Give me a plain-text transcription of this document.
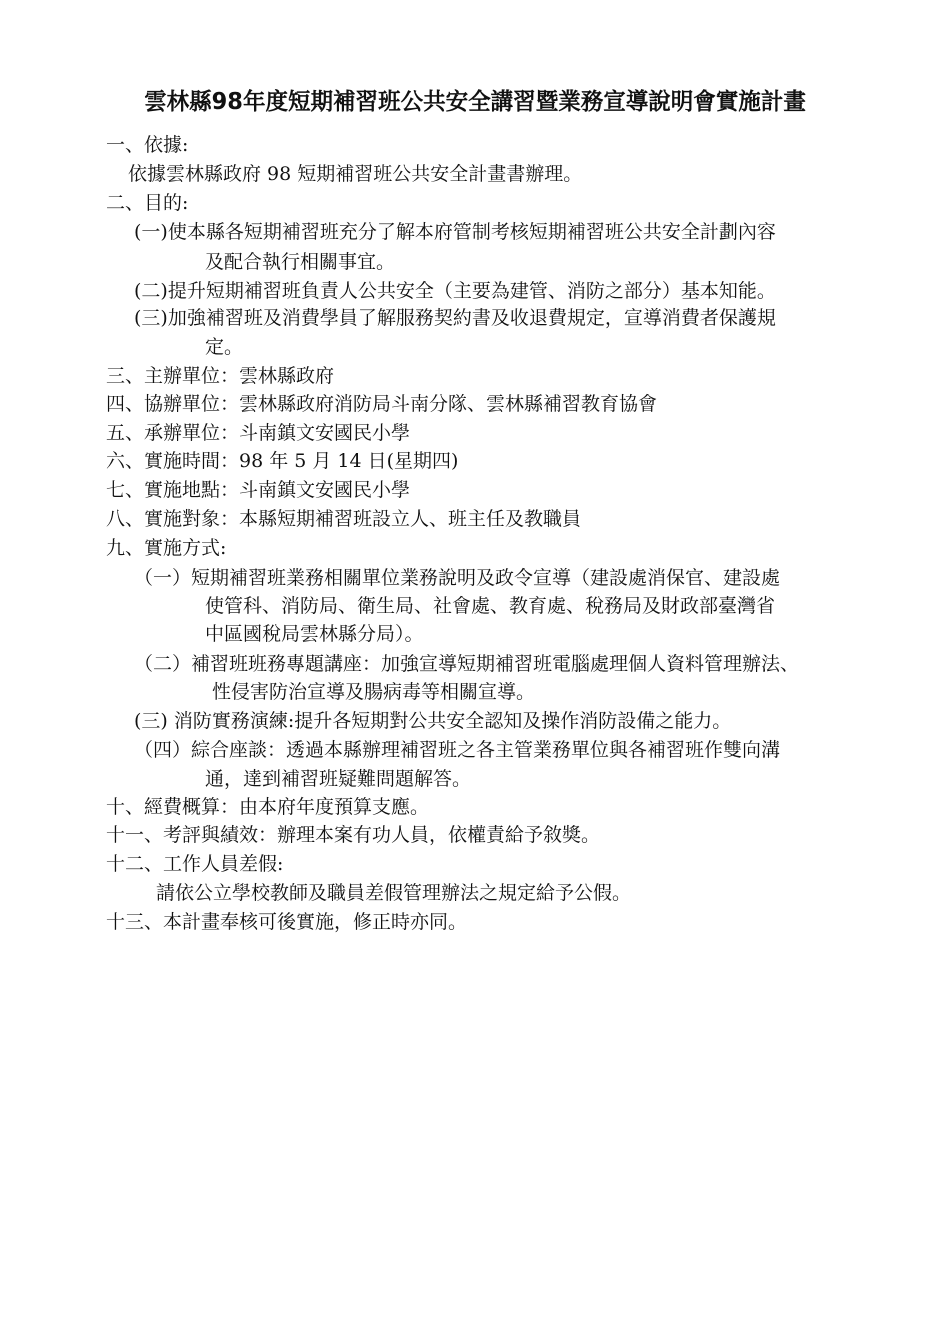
雲林縣98年度短期補習班公共安全講習暨業務宣導說明會實施計畫
一、依據:
依據雲林縣政府 98 短期補習班公共安全計畫書辦理。
二、目的:
(一)使本縣各短期補習班充分了解本府管制考核短期補習班公共安全計劃內容
及配合執行相關事宜。
(二)提升短期補習班負責人公共安全（主要為建管、消防之部分）基本知能。
(三)加強補習班及消費學員了解服務契約書及收退費規定，宣導消費者保護規
定。
三、主辦單位：雲林縣政府
四、協辦單位：雲林縣政府消防局斗南分隊、雲林縣補習教育協會
五、承辦單位：斗南鎮文安國民小學
六、實施時間：98 年 5 月 14 日(星期四)
七、實施地點：斗南鎮文安國民小學
八、實施對象：本縣短期補習班設立人、班主任及教職員
九、實施方式:
（一）短期補習班業務相關單位業務說明及政令宣導（建設處消保官、建設處
使管科、消防局、衛生局、社會處、教育處、稅務局及財政部臺灣省
中區國稅局雲林縣分局）。
（二）補習班班務專題講座：加強宣導短期補習班電腦處理個人資料管理辦法、
性侵害防治宣導及腸病毒等相關宣導。
(三) 消防實務演練:提升各短期對公共安全認知及操作消防設備之能力。
（四）綜合座談：透過本縣辦理補習班之各主管業務單位與各補習班作雙向溝
通，達到補習班疑難問題解答。
十、經費概算：由本府年度預算支應。
十一、考評與績效：辦理本案有功人員，依權責給予敘獎。
十二、工作人員差假:
請依公立學校教師及職員差假管理辦法之規定給予公假。
十三、本計畫奉核可後實施，修正時亦同。
